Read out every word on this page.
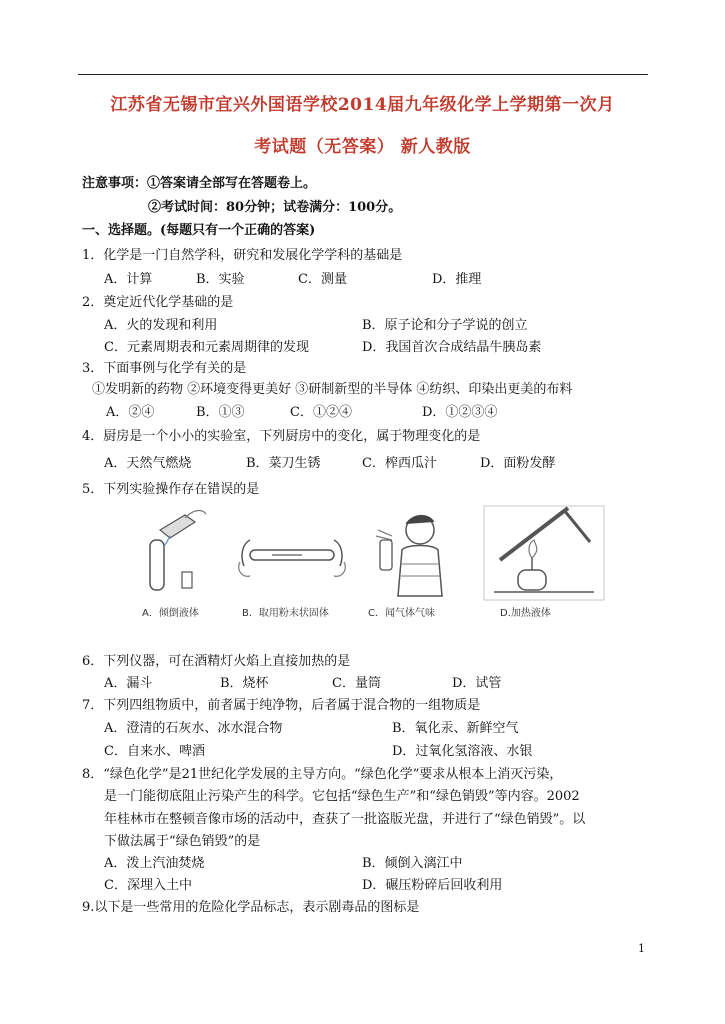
江苏省无锡市宜兴外国语学校2014届九年级化学上学期第一次月
考试题（无答案） 新人教版
注意事项：①答案请全部写在答题卷上。
②考试时间：80分钟；试卷满分：100分。
一、选择题。(每题只有一个正确的答案)
1．化学是一门自然学科，研究和发展化学学科的基础是
A．计算	B．实验	C．测量	D．推理
2．奠定近代化学基础的是
A．火的发现和利用	B．原子论和分子学说的创立
C．元素周期表和元素周期律的发现	D．我国首次合成结晶牛胰岛素
3．下面事例与化学有关的是
①发明新的药物 ②环境变得更美好 ③研制新型的半导体 ④纺织、印染出更美的布料
A．②④	B．①③	C．①②④	D．①②③④
4．厨房是一个小小的实验室，下列厨房中的变化，属于物理变化的是
A．天然气燃烧	B．菜刀生锈	C．榨西瓜汁	D．面粉发酵
5．下列实验操作存在错误的是
A．倾倒液体	B．取用粉末状固体	C．闻气体气味	D.加热液体
6．下列仪器，可在酒精灯火焰上直接加热的是
A．漏斗	B．烧杯	C．量筒	D．试管
7．下列四组物质中，前者属于纯净物，后者属于混合物的一组物质是
A．澄清的石灰水、冰水混合物	B．氧化汞、新鲜空气
C．自来水、啤酒	D．过氧化氢溶液、水银
8．“绿色化学”是21世纪化学发展的主导方向。“绿色化学”要求从根本上消灭污染，
是一门能彻底阻止污染产生的科学。它包括“绿色生产”和“绿色销毁”等内容。2002
年桂林市在整顿音像市场的活动中，查获了一批盗版光盘，并进行了“绿色销毁”。以
下做法属于“绿色销毁”的是
A．泼上汽油焚烧	B．倾倒入漓江中
C．深埋入土中	D．碾压粉碎后回收利用
9.以下是一些常用的危险化学品标志，表示剧毒品的图标是
1
